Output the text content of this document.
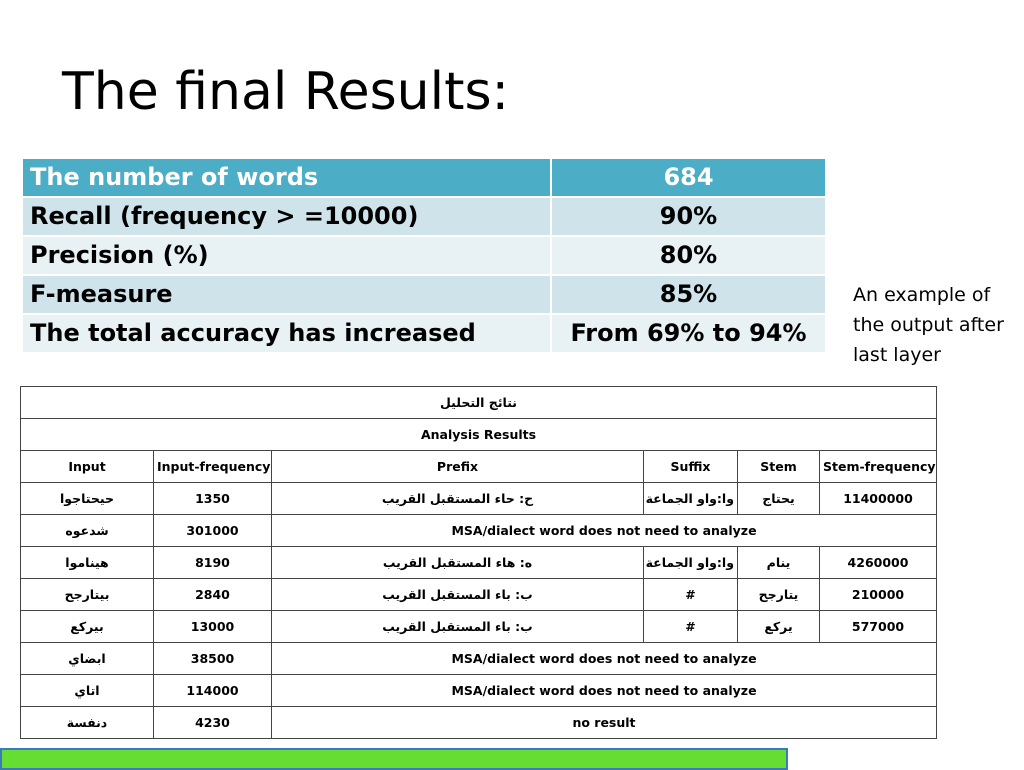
The final Results:
The number of words	684
Recall (frequency > =10000)	90%
Precision (%)	80%
F-measure	85%
The total accuracy has increased	From 69% to 94%
An example of the output after last layer
نتائج التحليل					
Analysis Results					
Input	Input-frequency	Prefix	Suffix	Stem	Stem-frequency
حيحتاجوا	1350	ح: حاء المستقبل القريب	وا:واو الجماعة	يحتاج	11400000
شدعوه	301000	MSA/dialect word does not need to analyze			
هيناموا	8190	ه: هاء المستقبل القريب	وا:واو الجماعة	ينام	4260000
بيتارجح	2840	ب: باء المستقبل القريب	#	يتارجح	210000
بيركع	13000	ب: باء المستقبل القريب	#	يركع	577000
ابضاي	38500	MSA/dialect word does not need to analyze			
اتاي	114000	MSA/dialect word does not need to analyze			
دنفسة	4230	no result			
